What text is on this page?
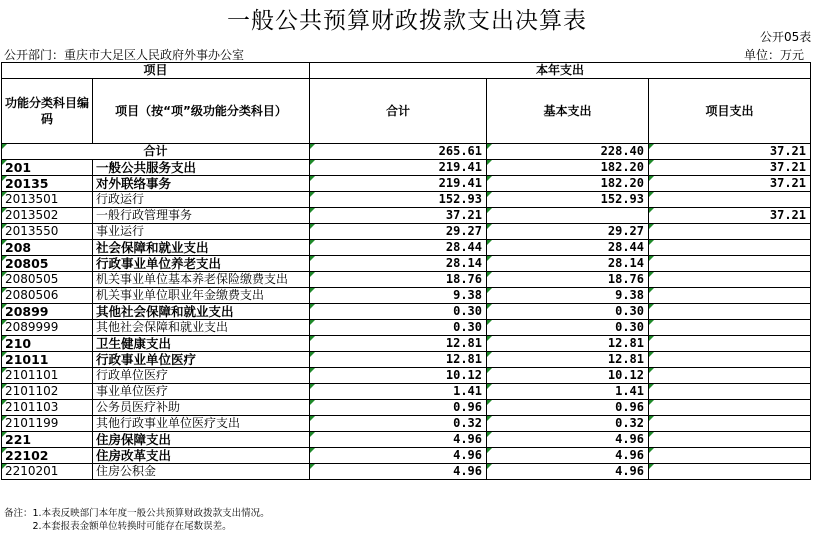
一般公共预算财政拨款支出决算表
公开05表
公开部门：重庆市大足区人民政府外事办公室	单位：万元
项目		本年支出		
功能分类科目编码	项目（按“项”级功能分类科目）	合计	基本支出	项目支出
合计		265.61	228.40	37.21
201	一般公共服务支出	219.41	182.20	37.21
20135	对外联络事务	219.41	182.20	37.21
2013501	行政运行	152.93	152.93	
2013502	一般行政管理事务	37.21		37.21
2013550	事业运行	29.27	29.27	
208	社会保障和就业支出	28.44	28.44	
20805	行政事业单位养老支出	28.14	28.14	
2080505	机关事业单位基本养老保险缴费支出	18.76	18.76	
2080506	机关事业单位职业年金缴费支出	9.38	9.38	
20899	其他社会保障和就业支出	0.30	0.30	
2089999	其他社会保障和就业支出	0.30	0.30	
210	卫生健康支出	12.81	12.81	
21011	行政事业单位医疗	12.81	12.81	
2101101	行政单位医疗	10.12	10.12	
2101102	事业单位医疗	1.41	1.41	
2101103	公务员医疗补助	0.96	0.96	
2101199	其他行政事业单位医疗支出	0.32	0.32	
221	住房保障支出	4.96	4.96	
22102	住房改革支出	4.96	4.96	
2210201	住房公积金	4.96	4.96	
备注：1.本表反映部门本年度一般公共预算财政拨款支出情况。
　　　2.本套报表金额单位转换时可能存在尾数误差。
